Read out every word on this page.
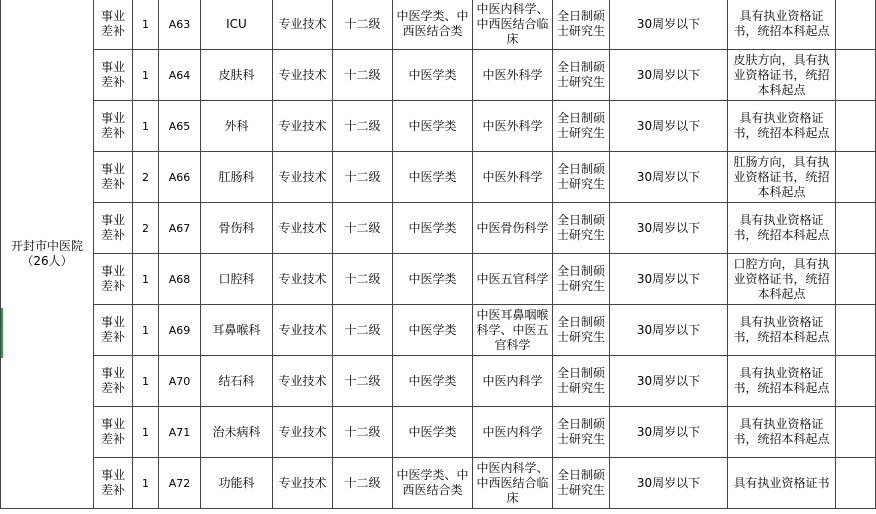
开封市中医院（26人）	事业差补	1	A63	ICU	专业技术	十二级	中医学类、中西医结合类	中医内科学、中西医结合临床	全日制硕士研究生	30周岁以下	具有执业资格证书，统招本科起点	
	事业差补	1	A64	皮肤科	专业技术	十二级	中医学类	中医外科学	全日制硕士研究生	30周岁以下	皮肤方向，具有执业资格证书，统招本科起点	
	事业差补	1	A65	外科	专业技术	十二级	中医学类	中医外科学	全日制硕士研究生	30周岁以下	具有执业资格证书，统招本科起点	
	事业差补	2	A66	肛肠科	专业技术	十二级	中医学类	中医外科学	全日制硕士研究生	30周岁以下	肛肠方向，具有执业资格证书，统招本科起点	
	事业差补	2	A67	骨伤科	专业技术	十二级	中医学类	中医骨伤科学	全日制硕士研究生	30周岁以下	具有执业资格证书，统招本科起点	
	事业差补	1	A68	口腔科	专业技术	十二级	中医学类	中医五官科学	全日制硕士研究生	30周岁以下	口腔方向，具有执业资格证书，统招本科起点	
	事业差补	1	A69	耳鼻喉科	专业技术	十二级	中医学类	中医耳鼻咽喉科学、中医五官科学	全日制硕士研究生	30周岁以下	具有执业资格证书，统招本科起点	
	事业差补	1	A70	结石科	专业技术	十二级	中医学类	中医内科学	全日制硕士研究生	30周岁以下	具有执业资格证书，统招本科起点	
	事业差补	1	A71	治未病科	专业技术	十二级	中医学类	中医内科学	全日制硕士研究生	30周岁以下	具有执业资格证书，统招本科起点	
	事业差补	1	A72	功能科	专业技术	十二级	中医学类、中西医结合类	中医内科学、中西医结合临床	全日制硕士研究生	30周岁以下	具有执业资格证书	
